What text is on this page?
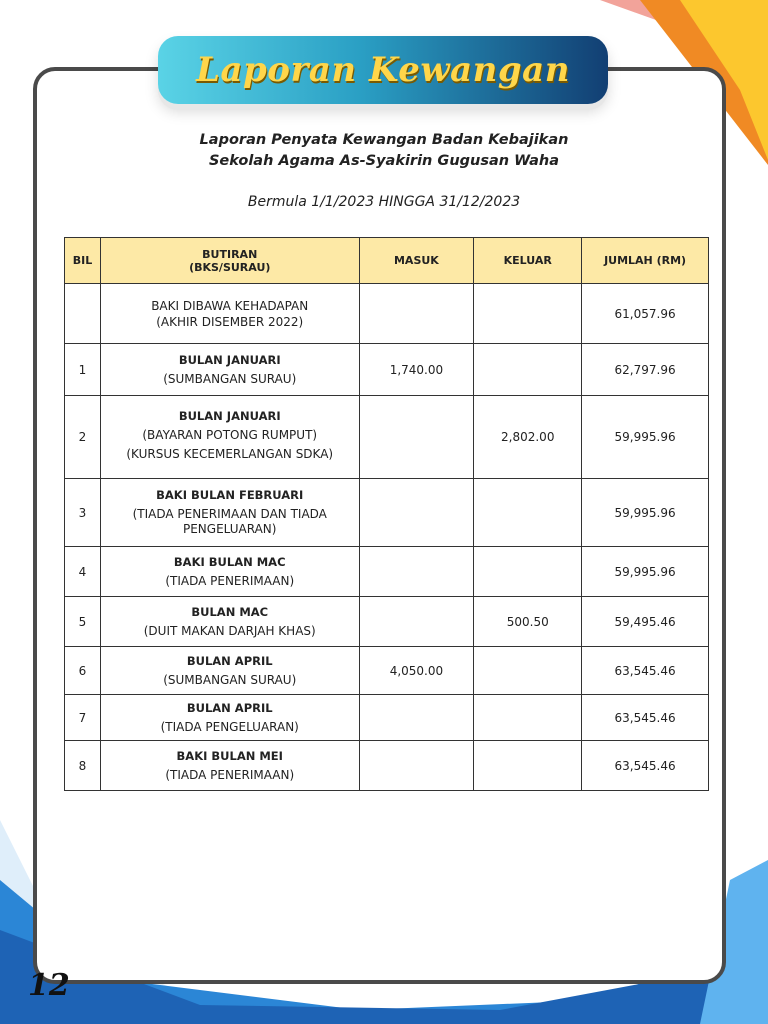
Laporan Kewangan
Laporan Penyata Kewangan Badan Kebajikan
Sekolah Agama As-Syakirin Gugusan Waha
Bermula 1/1/2023 HINGGA 31/12/2023
BIL	BUTIRAN
(BKS/SURAU)	MASUK	KELUAR	JUMLAH (RM)

	BAKI DIBAWA KEHADAPAN
(AKHIR DISEMBER 2022)			61,057.96
1	BULAN JANUARI
(SUMBANGAN SURAU)	1,740.00		62,797.96
2	BULAN JANUARI
(BAYARAN POTONG RUMPUT)
(KURSUS KECEMERLANGAN SDKA)		2,802.00	59,995.96
3	BAKI BULAN FEBRUARI
(TIADA PENERIMAAN DAN TIADA PENGELUARAN)			59,995.96
4	BAKI BULAN MAC
(TIADA PENERIMAAN)			59,995.96
5	BULAN MAC
(DUIT MAKAN DARJAH KHAS)		500.50	59,495.46
6	BULAN APRIL
(SUMBANGAN SURAU)	4,050.00		63,545.46
7	BULAN APRIL
(TIADA PENGELUARAN)			63,545.46
8	BAKI BULAN MEI
(TIADA PENERIMAAN)			63,545.46
12
